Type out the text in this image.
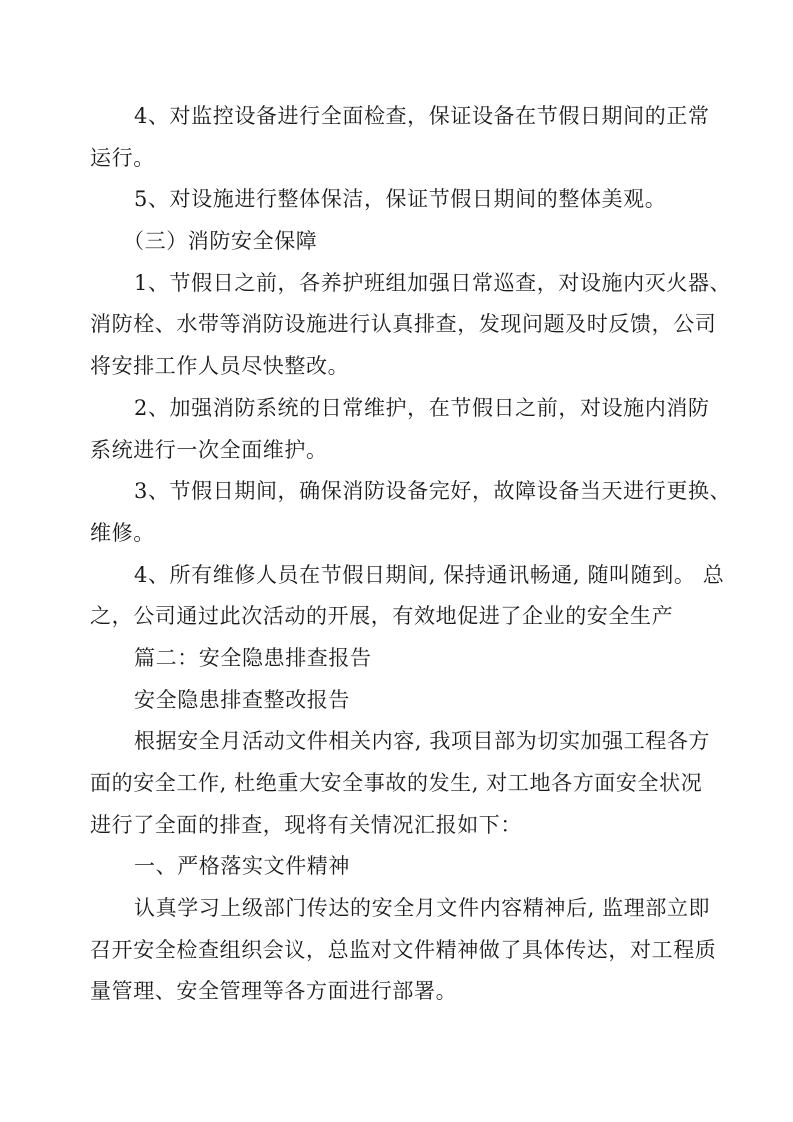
4、对监控设备进行全面检查，保证设备在节假日期间的正常
运行。
5、对设施进行整体保洁，保证节假日期间的整体美观。
（三）消防安全保障
1、节假日之前，各养护班组加强日常巡查，对设施内灭火器、
消防栓、水带等消防设施进行认真排查，发现问题及时反馈，公司
将安排工作人员尽快整改。
2、加强消防系统的日常维护，在节假日之前，对设施内消防
系统进行一次全面维护。
3、节假日期间，确保消防设备完好，故障设备当天进行更换、
维修。
4、所有维修人员在节假日期间, 保持通讯畅通, 随叫随到。 总
之，公司通过此次活动的开展，有效地促进了企业的安全生产
篇二：安全隐患排查报告
安全隐患排查整改报告
根据安全月活动文件相关内容, 我项目部为切实加强工程各方
面的安全工作, 杜绝重大安全事故的发生, 对工地各方面安全状况
进行了全面的排查，现将有关情况汇报如下：
一、严格落实文件精神
认真学习上级部门传达的安全月文件内容精神后, 监理部立即
召开安全检查组织会议，总监对文件精神做了具体传达，对工程质
量管理、安全管理等各方面进行部署。
